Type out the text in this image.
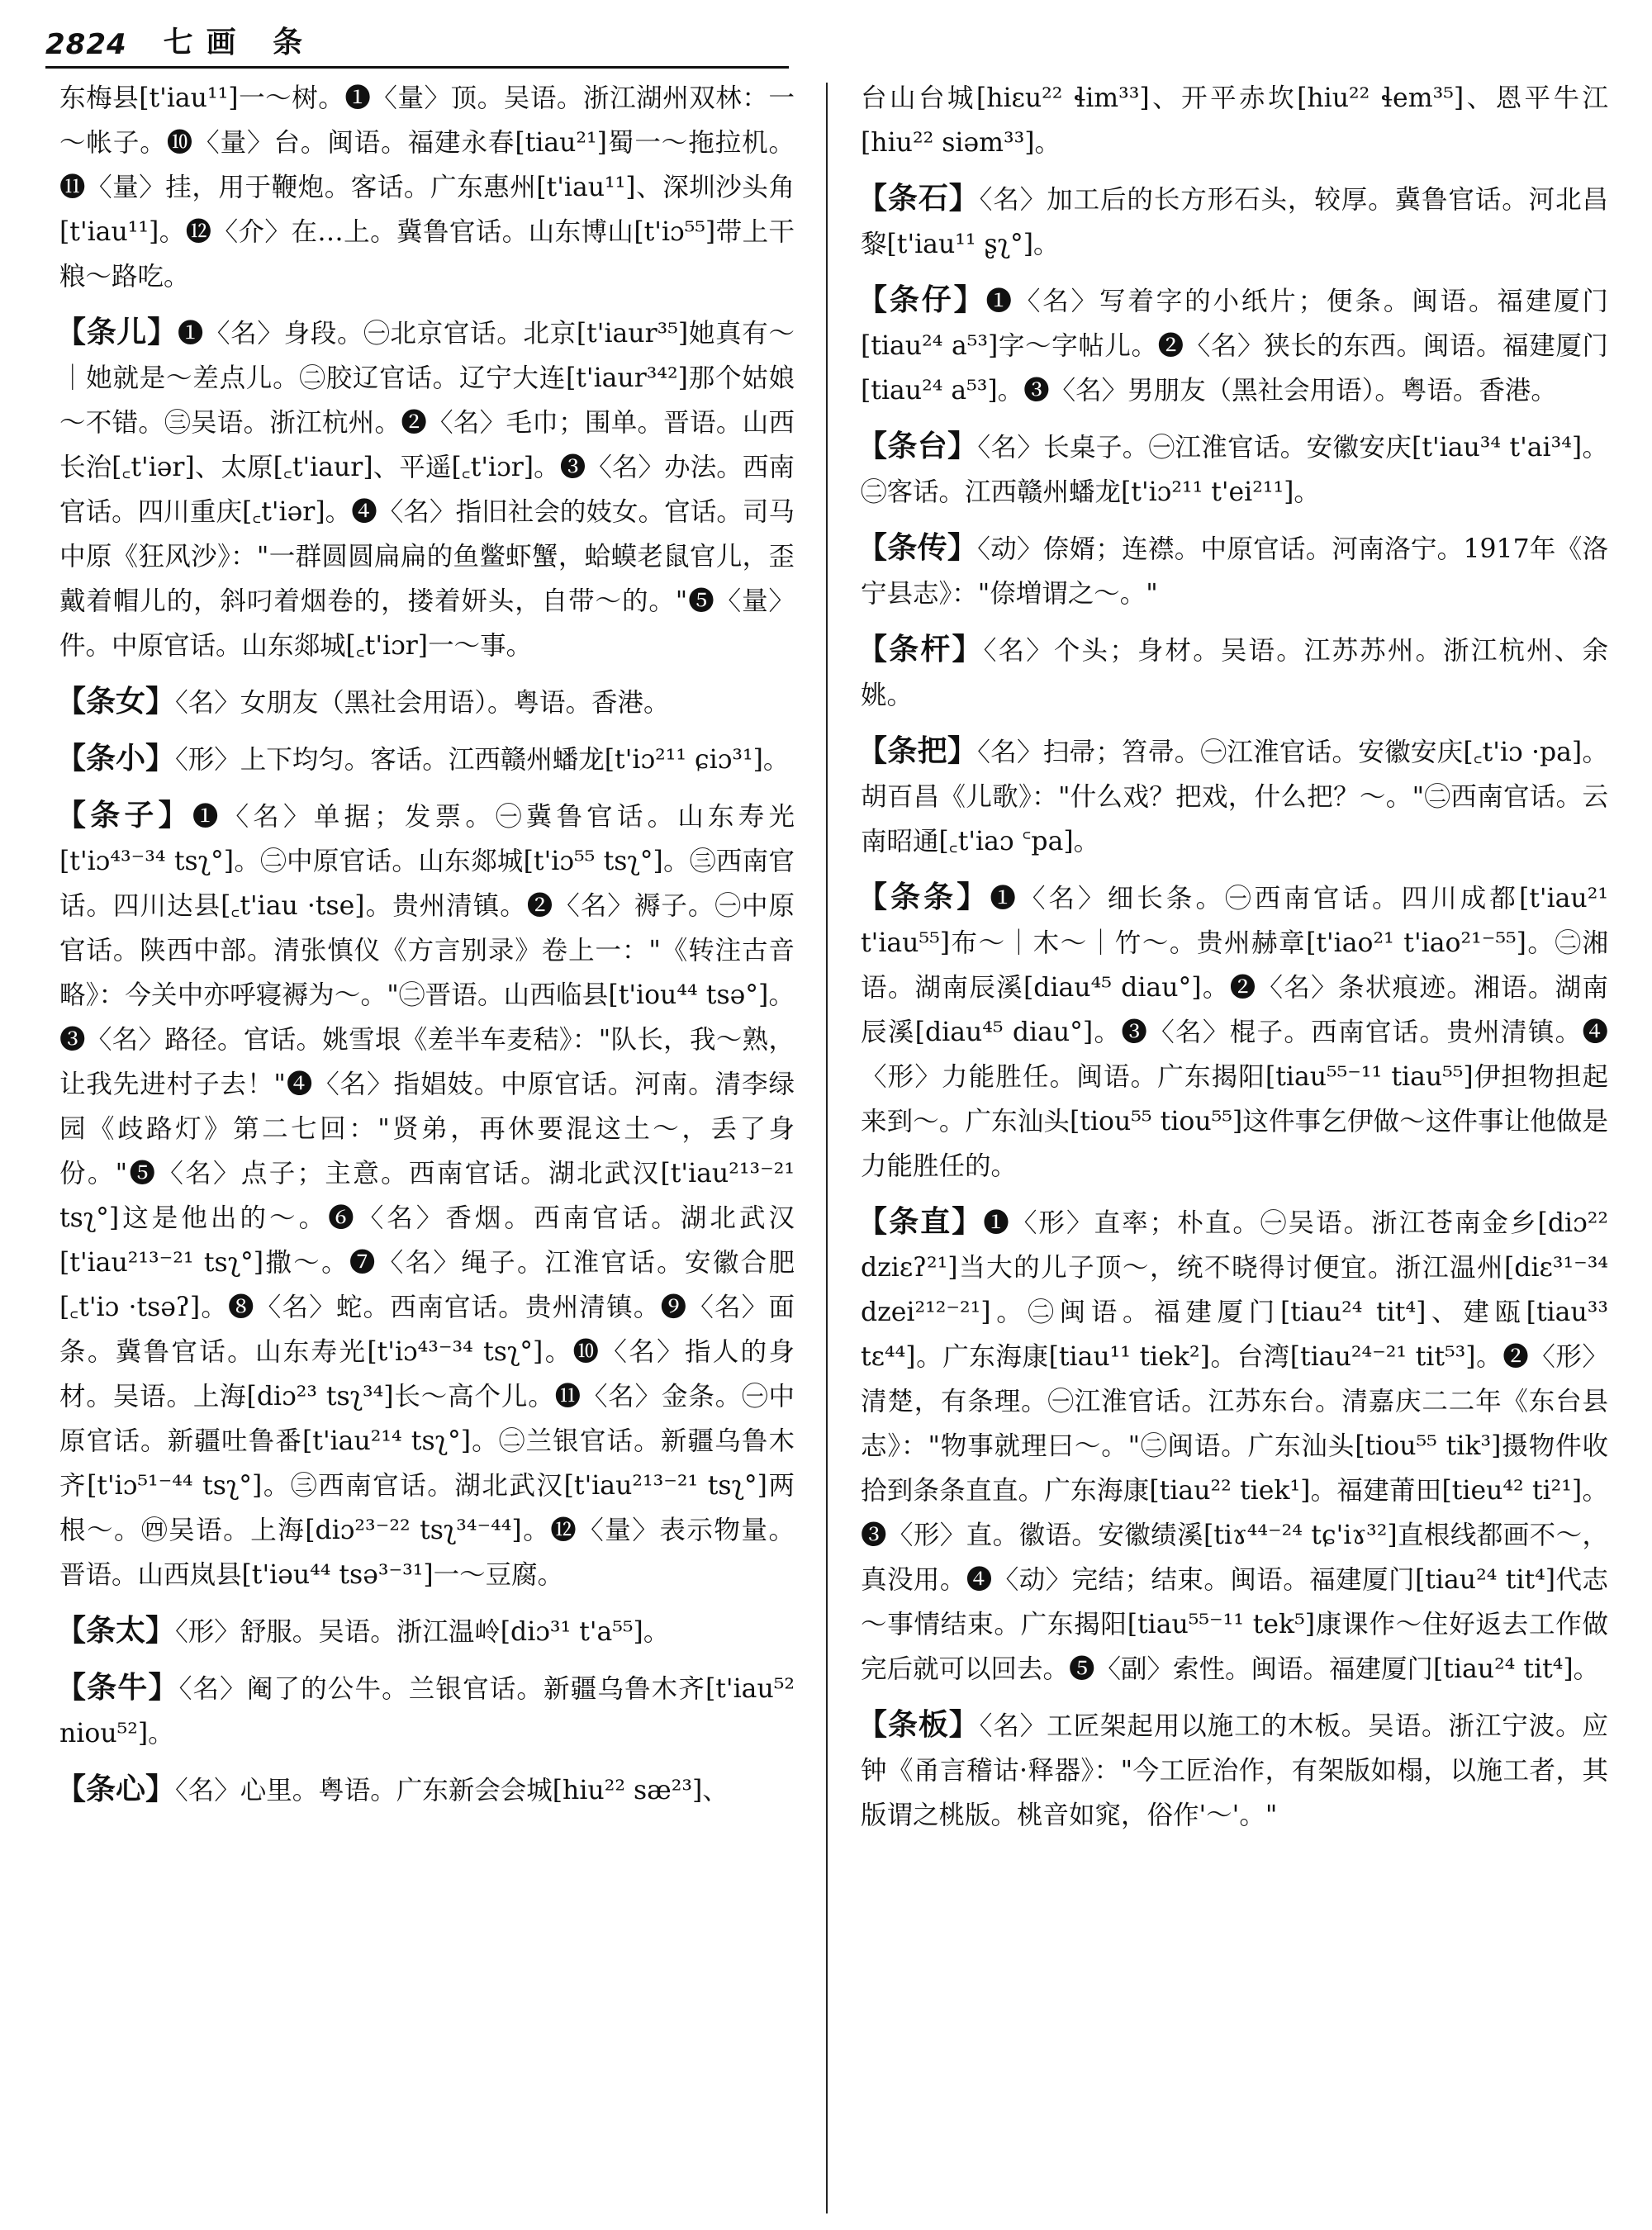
2824 七画 条
东梅县[t'iau¹¹]一～树。❶〈量〉顶。吴语。浙江湖州双林：一～帐子。❿〈量〉台。闽语。福建永春[tiau²¹]蜀一～拖拉机。⓫〈量〉挂，用于鞭炮。客话。广东惠州[t'iau¹¹]、深圳沙头角[t'iau¹¹]。⓬〈介〉在…上。冀鲁官话。山东博山[t'iɔ⁵⁵]带上干粮～路吃。
【条儿】❶〈名〉身段。㊀北京官话。北京[t'iaur³⁵]她真有～｜她就是～差点儿。㊁胶辽官话。辽宁大连[t'iaur³⁴²]那个姑娘～不错。㊂吴语。浙江杭州。❷〈名〉毛巾；围单。晋语。山西长治[꜀t'iər]、太原[꜀t'iaur]、平遥[꜀t'iɔr]。❸〈名〉办法。西南官话。四川重庆[꜀t'iər]。❹〈名〉指旧社会的妓女。官话。司马中原《狂风沙》："一群圆圆扁扁的鱼鳖虾蟹，蛤蟆老鼠官儿，歪戴着帽儿的，斜叼着烟卷的，搂着妍头，自带～的。"❺〈量〉件。中原官话。山东郯城[꜀t'iɔr]一～事。
【条女】〈名〉女朋友（黑社会用语）。粤语。香港。
【条小】〈形〉上下均匀。客话。江西赣州蟠龙[t'iɔ²¹¹ ɕiɔ³¹]。
【条子】❶〈名〉单据；发票。㊀冀鲁官话。山东寿光[t'iɔ⁴³⁻³⁴ tsʅ°]。㊁中原官话。山东郯城[t'iɔ⁵⁵ tsʅ°]。㊂西南官话。四川达县[꜀t'iau ·tse]。贵州清镇。❷〈名〉褥子。㊀中原官话。陕西中部。清张慎仪《方言别录》卷上一："《转注古音略》：今关中亦呼寝褥为～。"㊁晋语。山西临县[t'iou⁴⁴ tsə°]。❸〈名〉路径。官话。姚雪垠《差半车麦秸》："队长，我～熟，让我先进村子去！"❹〈名〉指娼妓。中原官话。河南。清李绿园《歧路灯》第二七回："贤弟，再休要混这土～，丢了身份。"❺〈名〉点子；主意。西南官话。湖北武汉[t'iau²¹³⁻²¹ tsʅ°]这是他出的～。❻〈名〉香烟。西南官话。湖北武汉[t'iau²¹³⁻²¹ tsʅ°]撒～。❼〈名〉绳子。江淮官话。安徽合肥[꜀t'iɔ ·tsəʔ]。❽〈名〉蛇。西南官话。贵州清镇。❾〈名〉面条。冀鲁官话。山东寿光[t'iɔ⁴³⁻³⁴ tsʅ°]。❿〈名〉指人的身材。吴语。上海[diɔ²³ tsʅ³⁴]长～高个儿。⓫〈名〉金条。㊀中原官话。新疆吐鲁番[t'iau²¹⁴ tsʅ°]。㊁兰银官话。新疆乌鲁木齐[t'iɔ⁵¹⁻⁴⁴ tsʅ°]。㊂西南官话。湖北武汉[t'iau²¹³⁻²¹ tsʅ°]两根～。㊃吴语。上海[diɔ²³⁻²² tsʅ³⁴⁻⁴⁴]。⓬〈量〉表示物量。晋语。山西岚县[t'iəu⁴⁴ tsə³⁻³¹]一～豆腐。
【条太】〈形〉舒服。吴语。浙江温岭[diɔ³¹ t'a⁵⁵]。
【条牛】〈名〉阉了的公牛。兰银官话。新疆乌鲁木齐[t'iau⁵² niou⁵²]。
【条心】〈名〉心里。粤语。广东新会会城[hiu²² sæ²³]、
台山台城[hiɛu²² ɬim³³]、开平赤坎[hiu²² ɬem³⁵]、恩平牛江[hiu²² siəm³³]。
【条石】〈名〉加工后的长方形石头，较厚。冀鲁官话。河北昌黎[t'iau¹¹ ʂʅ°]。
【条仔】❶〈名〉写着字的小纸片；便条。闽语。福建厦门[tiau²⁴ a⁵³]字～字帖儿。❷〈名〉狭长的东西。闽语。福建厦门[tiau²⁴ a⁵³]。❸〈名〉男朋友（黑社会用语）。粤语。香港。
【条台】〈名〉长桌子。㊀江淮官话。安徽安庆[t'iau³⁴ t'ai³⁴]。㊁客话。江西赣州蟠龙[t'iɔ²¹¹ t'ei²¹¹]。
【条传】〈动〉倷婿；连襟。中原官话。河南洛宁。1917年《洛宁县志》："倷増谓之～。"
【条杆】〈名〉个头；身材。吴语。江苏苏州。浙江杭州、余姚。
【条把】〈名〉扫帚；笤帚。㊀江淮官话。安徽安庆[꜀t'iɔ ·pa]。胡百昌《儿歌》："什么戏？把戏，什么把？～。"㊁西南官话。云南昭通[꜀t'iaɔ ꜂pa]。
【条条】❶〈名〉细长条。㊀西南官话。四川成都[t'iau²¹ t'iau⁵⁵]布～｜木～｜竹～。贵州赫章[t'iao²¹ t'iao²¹⁻⁵⁵]。㊁湘语。湖南辰溪[diau⁴⁵ diau°]。❷〈名〉条状痕迹。湘语。湖南辰溪[diau⁴⁵ diau°]。❸〈名〉棍子。西南官话。贵州清镇。❹〈形〉力能胜任。闽语。广东揭阳[tiau⁵⁵⁻¹¹ tiau⁵⁵]伊担物担起来到～。广东汕头[tiou⁵⁵ tiou⁵⁵]这件事乞伊做～这件事让他做是力能胜任的。
【条直】❶〈形〉直率；朴直。㊀吴语。浙江苍南金乡[diɔ²² dziɛʔ²¹]当大的儿子顶～，统不晓得讨便宜。浙江温州[diɛ³¹⁻³⁴ dzei²¹²⁻²¹]。㊁闽语。福建厦门[tiau²⁴ tit⁴]、建瓯[tiau³³ tɛ⁴⁴]。广东海康[tiau¹¹ tiek²]。台湾[tiau²⁴⁻²¹ tit⁵³]。❷〈形〉清楚，有条理。㊀江淮官话。江苏东台。清嘉庆二二年《东台县志》："物事就理曰～。"㊁闽语。广东汕头[tiou⁵⁵ tik³]摄物件收拾到条条直直。广东海康[tiau²² tiek¹]。福建莆田[tieu⁴² ti²¹]。❸〈形〉直。徽语。安徽绩溪[tiɤ⁴⁴⁻²⁴ tɕ'iɤ³²]直根线都画不～，真没用。❹〈动〉完结；结束。闽语。福建厦门[tiau²⁴ tit⁴]代志～事情结束。广东揭阳[tiau⁵⁵⁻¹¹ tek⁵]康课作～住好返去工作做完后就可以回去。❺〈副〉索性。闽语。福建厦门[tiau²⁴ tit⁴]。
【条板】〈名〉工匠架起用以施工的木板。吴语。浙江宁波。应钟《甬言稽诂·释器》："今工匠治作，有架版如榻，以施工者，其版谓之桃版。桃音如窕，俗作'～'。"
